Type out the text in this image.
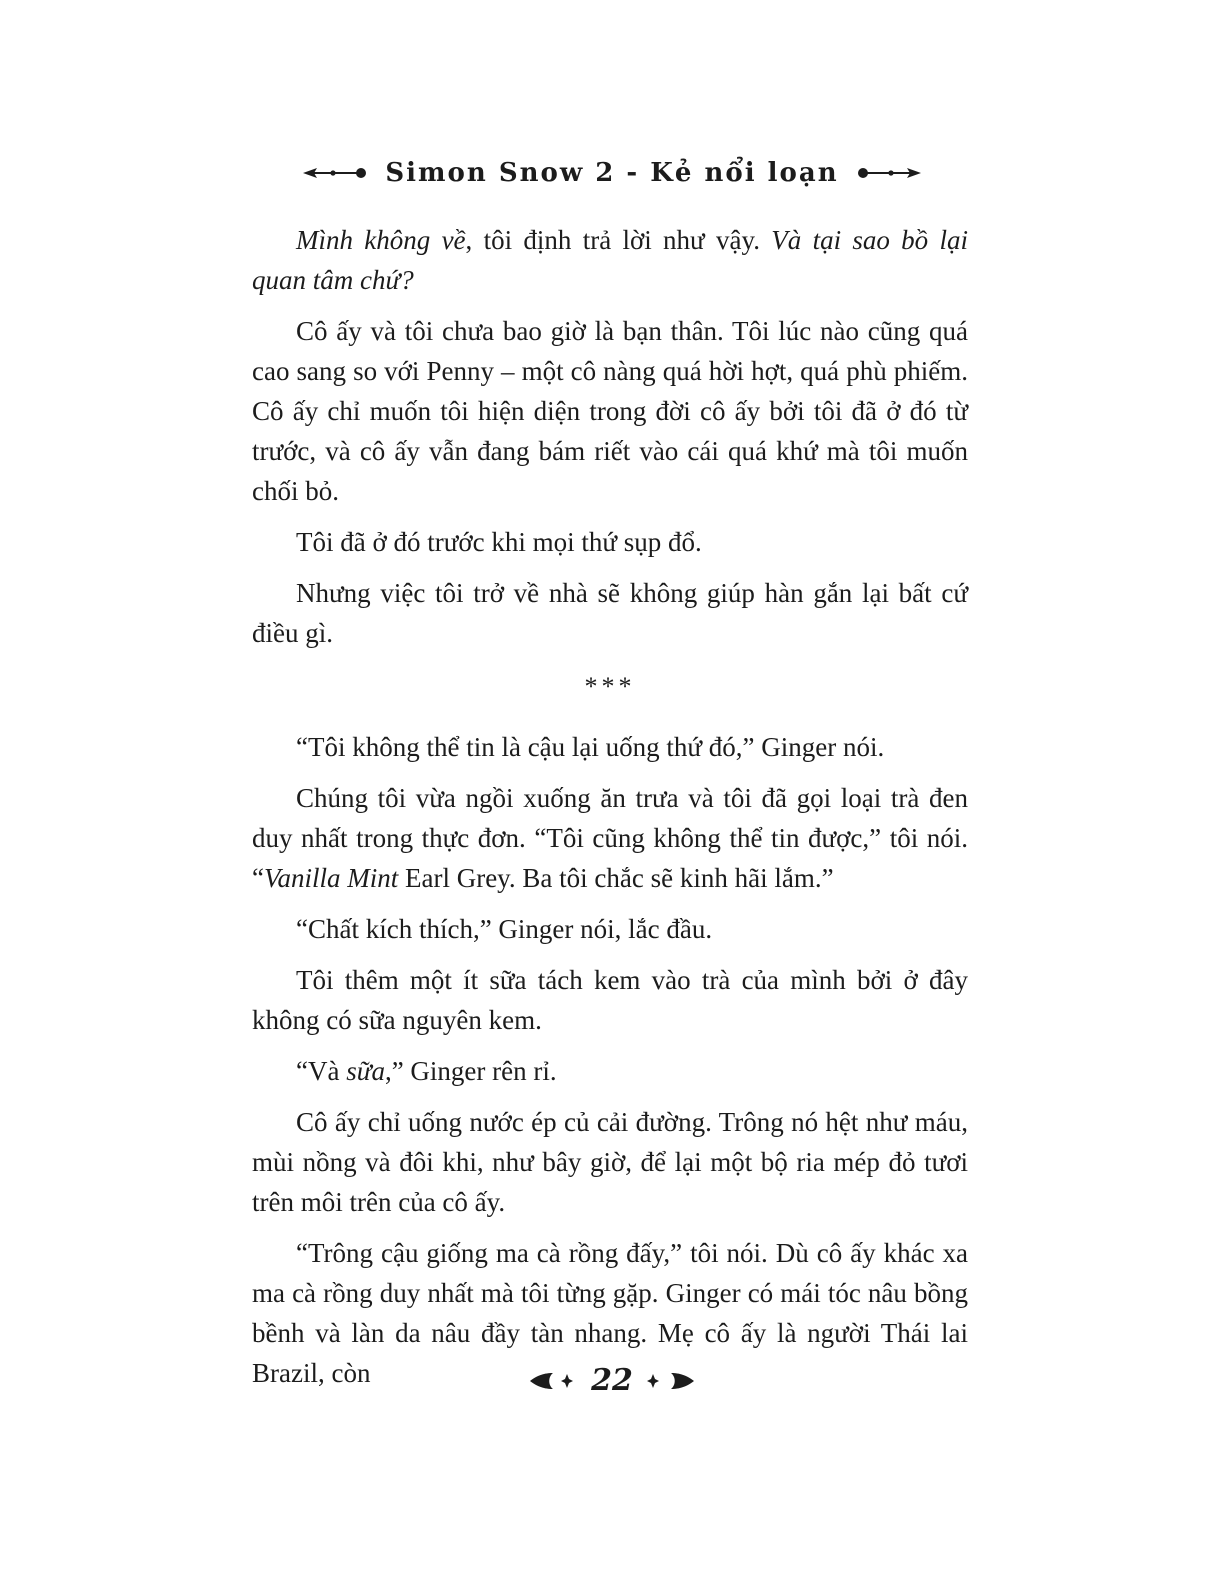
Simon Snow 2 - Kẻ nổi loạn

Mình không về, tôi định trả lời như vậy. Và tại sao bồ lại quan tâm chứ?

Cô ấy và tôi chưa bao giờ là bạn thân. Tôi lúc nào cũng quá cao sang so với Penny – một cô nàng quá hời hợt, quá phù phiếm. Cô ấy chỉ muốn tôi hiện diện trong đời cô ấy bởi tôi đã ở đó từ trước, và cô ấy vẫn đang bám riết vào cái quá khứ mà tôi muốn chối bỏ.

Tôi đã ở đó trước khi mọi thứ sụp đổ.

Nhưng việc tôi trở về nhà sẽ không giúp hàn gắn lại bất cứ điều gì.

***

“Tôi không thể tin là cậu lại uống thứ đó,” Ginger nói.

Chúng tôi vừa ngồi xuống ăn trưa và tôi đã gọi loại trà đen duy nhất trong thực đơn. “Tôi cũng không thể tin được,” tôi nói. “Vanilla Mint Earl Grey. Ba tôi chắc sẽ kinh hãi lắm.”

“Chất kích thích,” Ginger nói, lắc đầu.

Tôi thêm một ít sữa tách kem vào trà của mình bởi ở đây không có sữa nguyên kem.

“Và sữa,” Ginger rên rỉ.

Cô ấy chỉ uống nước ép củ cải đường. Trông nó hệt như máu, mùi nồng và đôi khi, như bây giờ, để lại một bộ ria mép đỏ tươi trên môi trên của cô ấy.

“Trông cậu giống ma cà rồng đấy,” tôi nói. Dù cô ấy khác xa ma cà rồng duy nhất mà tôi từng gặp. Ginger có mái tóc nâu bồng bềnh và làn da nâu đầy tàn nhang. Mẹ cô ấy là người Thái lai Brazil, còn	22
